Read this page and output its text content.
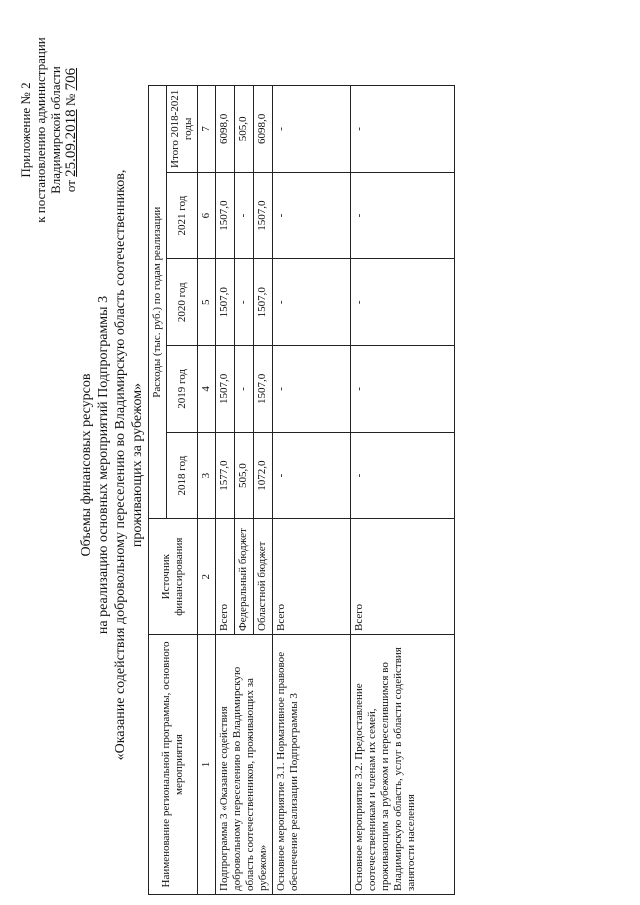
Приложение № 2 к постановлению администрации Владимирской области от 25.09.2018 № 706
Объемы финансовых ресурсов на реализацию основных мероприятий Подпрограммы 3 «Оказание содействия добровольному переселению во Владимирскую область соотечественников, проживающих за рубежом»
Наименование региональной программы, основного мероприятия	Источник финансирования	Расходы (тыс. руб.) по годам реализации				
		2018 год	2019 год	2020 год	2021 год	Итого 2018-2021 годы
1	2	3	4	5	6	7
Подпрограмма 3 «Оказание содействия добровольному переселению во Владимирскую область соотечественников, проживающих за рубежом»	Всего	1577,0	1507,0	1507,0	1507,0	6098,0
	Федеральный бюджет	505,0	-	-	-	505,0
	Областной бюджет	1072,0	1507,0	1507,0	1507,0	6098,0
Основное мероприятие 3.1. Нормативное правовое обеспечение реализации Подпрограммы 3	Всего	-	-	-	-	-
Основное мероприятие 3.2. Предоставление соотечественникам и членам их семей, проживающим за рубежом и переселившимся во Владимирскую область, услуг в области содействия занятости населения	Всего	-	-	-	-	-
